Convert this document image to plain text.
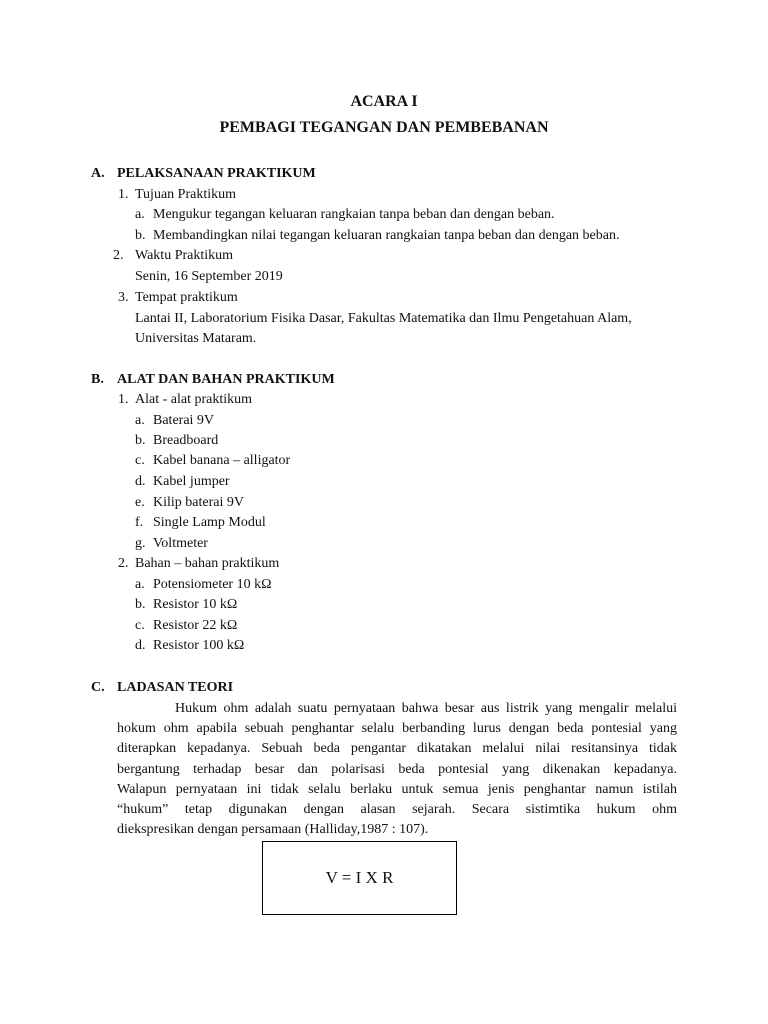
ACARA I
PEMBAGI TEGANGAN DAN PEMBEBANAN
A. PELAKSANAAN PRAKTIKUM
1. Tujuan Praktikum
a. Mengukur tegangan keluaran rangkaian tanpa beban dan dengan beban.
b. Membandingkan nilai tegangan keluaran rangkaian tanpa beban dan dengan beban.
2. Waktu Praktikum
Senin, 16 September 2019
3. Tempat praktikum
Lantai II, Laboratorium Fisika Dasar, Fakultas Matematika dan Ilmu Pengetahuan Alam,
Universitas Mataram.
B. ALAT DAN BAHAN PRAKTIKUM
1. Alat - alat praktikum
a. Baterai 9V
b. Breadboard
c. Kabel banana – alligator
d. Kabel jumper
e. Kilip baterai 9V
f. Single Lamp Modul
g. Voltmeter
2. Bahan – bahan praktikum
a. Potensiometer 10 kΩ
b. Resistor 10 kΩ
c. Resistor 22 kΩ
d. Resistor 100 kΩ
C. LADASAN TEORI
Hukum ohm adalah suatu pernyataan bahwa besar aus listrik yang mengalir melalui
hokum ohm apabila sebuah penghantar selalu berbanding lurus dengan beda pontesial yang
diterapkan kepadanya. Sebuah beda pengantar dikatakan melalui nilai resitansinya tidak
bergantung terhadap besar dan polarisasi beda pontesial yang dikenakan kepadanya.
Walapun pernyataan ini tidak selalu berlaku untuk semua jenis penghantar namun istilah
“hukum” tetap digunakan dengan alasan sejarah. Secara sistimtika hukum ohm
diekspresikan dengan persamaan (Halliday,1987 : 107).
V = I X R
